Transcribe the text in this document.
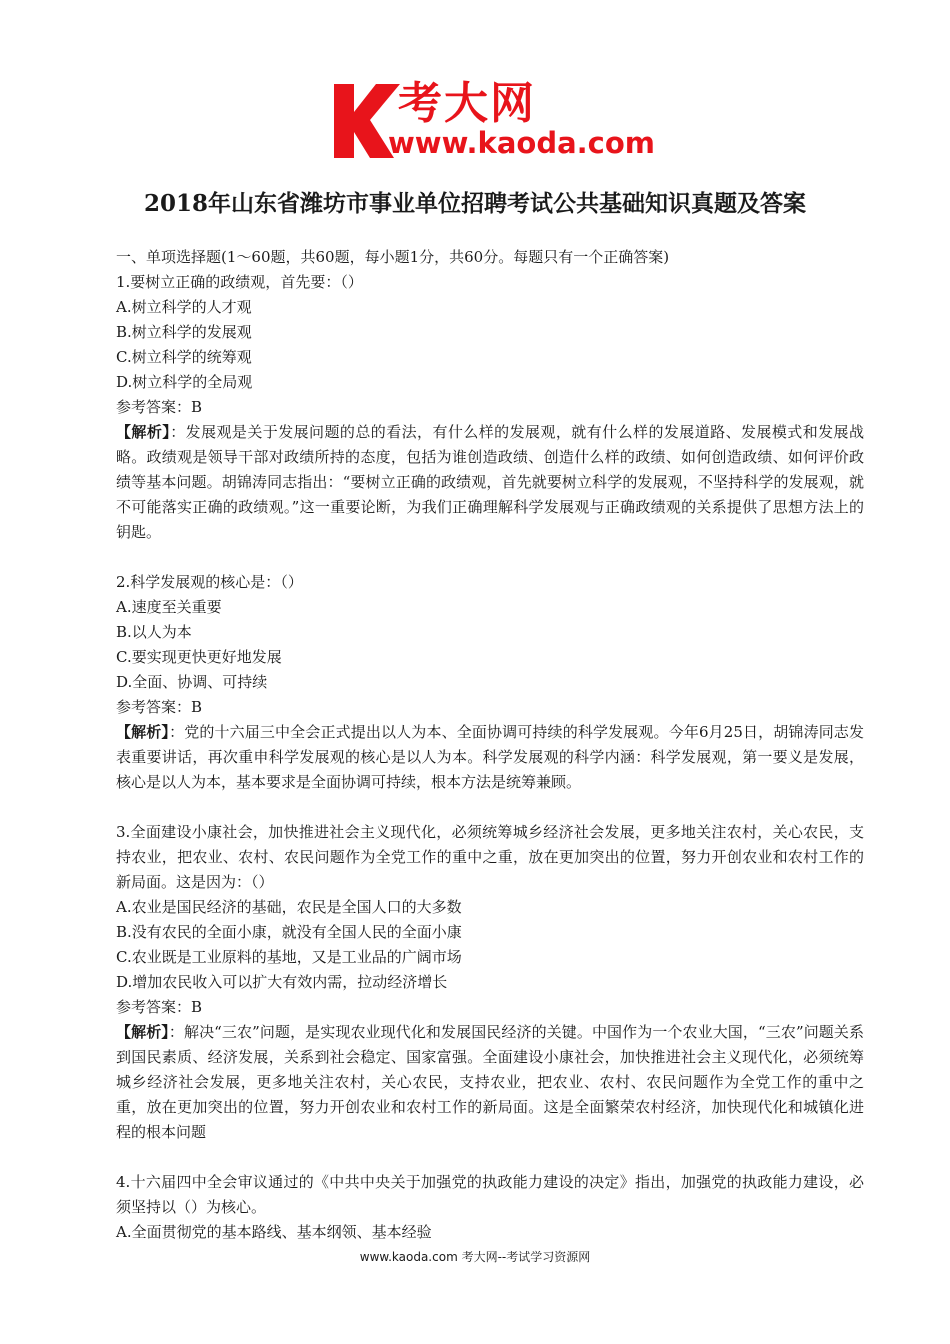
考大网
www.kaoda.com
2018年山东省潍坊市事业单位招聘考试公共基础知识真题及答案
一、单项选择题(1～60题，共60题，每小题1分，共60分。每题只有一个正确答案)
1.要树立正确的政绩观，首先要：（）
A.树立科学的人才观
B.树立科学的发展观
C.树立科学的统筹观
D.树立科学的全局观
参考答案：B
【解析】：发展观是关于发展问题的总的看法，有什么样的发展观，就有什么样的发展道路、发展模式和发展战略。政绩观是领导干部对政绩所持的态度，包括为谁创造政绩、创造什么样的政绩、如何创造政绩、如何评价政绩等基本问题。胡锦涛同志指出：“要树立正确的政绩观，首先就要树立科学的发展观，不坚持科学的发展观，就不可能落实正确的政绩观。”这一重要论断，为我们正确理解科学发展观与正确政绩观的关系提供了思想方法上的钥匙。
2.科学发展观的核心是：（）
A.速度至关重要
B.以人为本
C.要实现更快更好地发展
D.全面、协调、可持续
参考答案：B
【解析】：党的十六届三中全会正式提出以人为本、全面协调可持续的科学发展观。今年6月25日，胡锦涛同志发表重要讲话，再次重申科学发展观的核心是以人为本。科学发展观的科学内涵：科学发展观，第一要义是发展，核心是以人为本，基本要求是全面协调可持续，根本方法是统筹兼顾。
3.全面建设小康社会，加快推进社会主义现代化，必须统筹城乡经济社会发展，更多地关注农村，关心农民，支持农业，把农业、农村、农民问题作为全党工作的重中之重，放在更加突出的位置，努力开创农业和农村工作的新局面。这是因为：（）
A.农业是国民经济的基础，农民是全国人口的大多数
B.没有农民的全面小康，就没有全国人民的全面小康
C.农业既是工业原料的基地，又是工业品的广阔市场
D.增加农民收入可以扩大有效内需，拉动经济增长
参考答案：B
【解析】：解决“三农”问题，是实现农业现代化和发展国民经济的关键。中国作为一个农业大国，“三农”问题关系到国民素质、经济发展，关系到社会稳定、国家富强。全面建设小康社会，加快推进社会主义现代化，必须统筹城乡经济社会发展，更多地关注农村，关心农民，支持农业，把农业、农村、农民问题作为全党工作的重中之重，放在更加突出的位置，努力开创农业和农村工作的新局面。这是全面繁荣农村经济，加快现代化和城镇化进程的根本问题
4.十六届四中全会审议通过的《中共中央关于加强党的执政能力建设的决定》指出，加强党的执政能力建设，必须坚持以（）为核心。
A.全面贯彻党的基本路线、基本纲领、基本经验
www.kaoda.com 考大网--考试学习资源网
